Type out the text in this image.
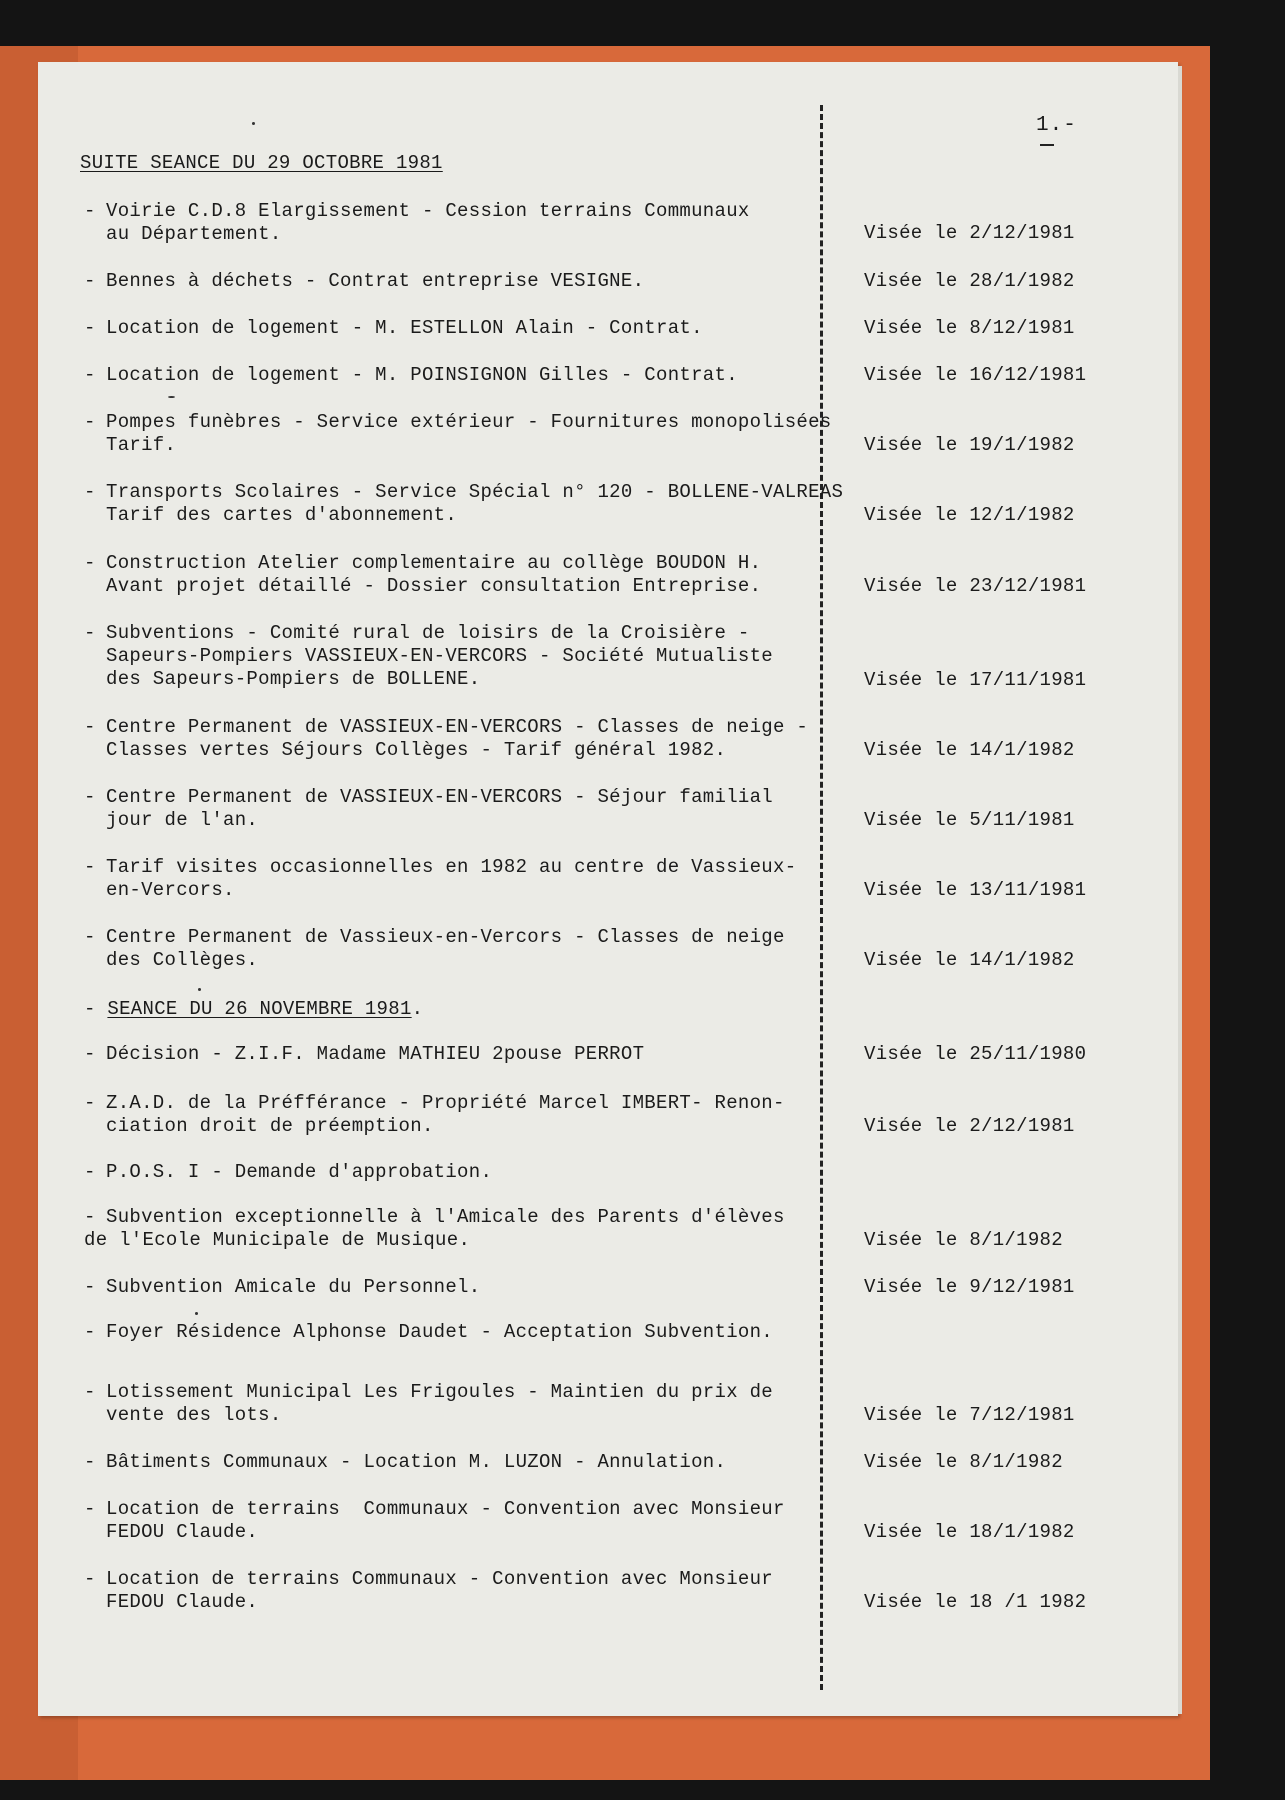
1.-
SUITE SEANCE DU 29 OCTOBRE 1981
- SEANCE DU 26 NOVEMBRE 1981.
- Voirie C.D.8 Elargissement - Cession terrains Communaux
au Département.	Visée le 2/12/1981
- Bennes à déchets - Contrat entreprise VESIGNE.	Visée le 28/1/1982
- Location de logement - M. ESTELLON Alain - Contrat.	Visée le 8/12/1981
- Location de logement - M. POINSIGNON Gilles - Contrat.	Visée le 16/12/1981
- Pompes funèbres - Service extérieur - Fournitures monopolisées
Tarif.	Visée le 19/1/1982
- Transports Scolaires - Service Spécial n° 120 - BOLLENE-VALREAS
Tarif des cartes d'abonnement.	Visée le 12/1/1982
- Construction Atelier complementaire au collège BOUDON H.
Avant projet détaillé - Dossier consultation Entreprise.	Visée le 23/12/1981
- Subventions - Comité rural de loisirs de la Croisière -
Sapeurs-Pompiers VASSIEUX-EN-VERCORS - Société Mutualiste
des Sapeurs-Pompiers de BOLLENE.	Visée le 17/11/1981
- Centre Permanent de VASSIEUX-EN-VERCORS - Classes de neige -
Classes vertes Séjours Collèges - Tarif général 1982.	Visée le 14/1/1982
- Centre Permanent de VASSIEUX-EN-VERCORS - Séjour familial
jour de l'an.	Visée le 5/11/1981
- Tarif visites occasionnelles en 1982 au centre de Vassieux-
en-Vercors.	Visée le 13/11/1981
- Centre Permanent de Vassieux-en-Vercors - Classes de neige
des Collèges.	Visée le 14/1/1982
- Décision - Z.I.F. Madame MATHIEU 2pouse PERROT	Visée le 25/11/1980
- Z.A.D. de la Préfférance - Propriété Marcel IMBERT- Renon-
ciation droit de préemption.	Visée le 2/12/1981
- P.O.S. I - Demande d'approbation.
- Subvention exceptionnelle à l'Amicale des Parents d'élèves
de l'Ecole Municipale de Musique.	Visée le 8/1/1982
- Subvention Amicale du Personnel.	Visée le 9/12/1981
- Foyer Résidence Alphonse Daudet - Acceptation Subvention.
- Lotissement Municipal Les Frigoules - Maintien du prix de
vente des lots.	Visée le 7/12/1981
- Bâtiments Communaux - Location M. LUZON - Annulation.	Visée le 8/1/1982
- Location de terrains  Communaux - Convention avec Monsieur
FEDOU Claude.	Visée le 18/1/1982
- Location de terrains Communaux - Convention avec Monsieur
FEDOU Claude.	Visée le 18 /1 1982
